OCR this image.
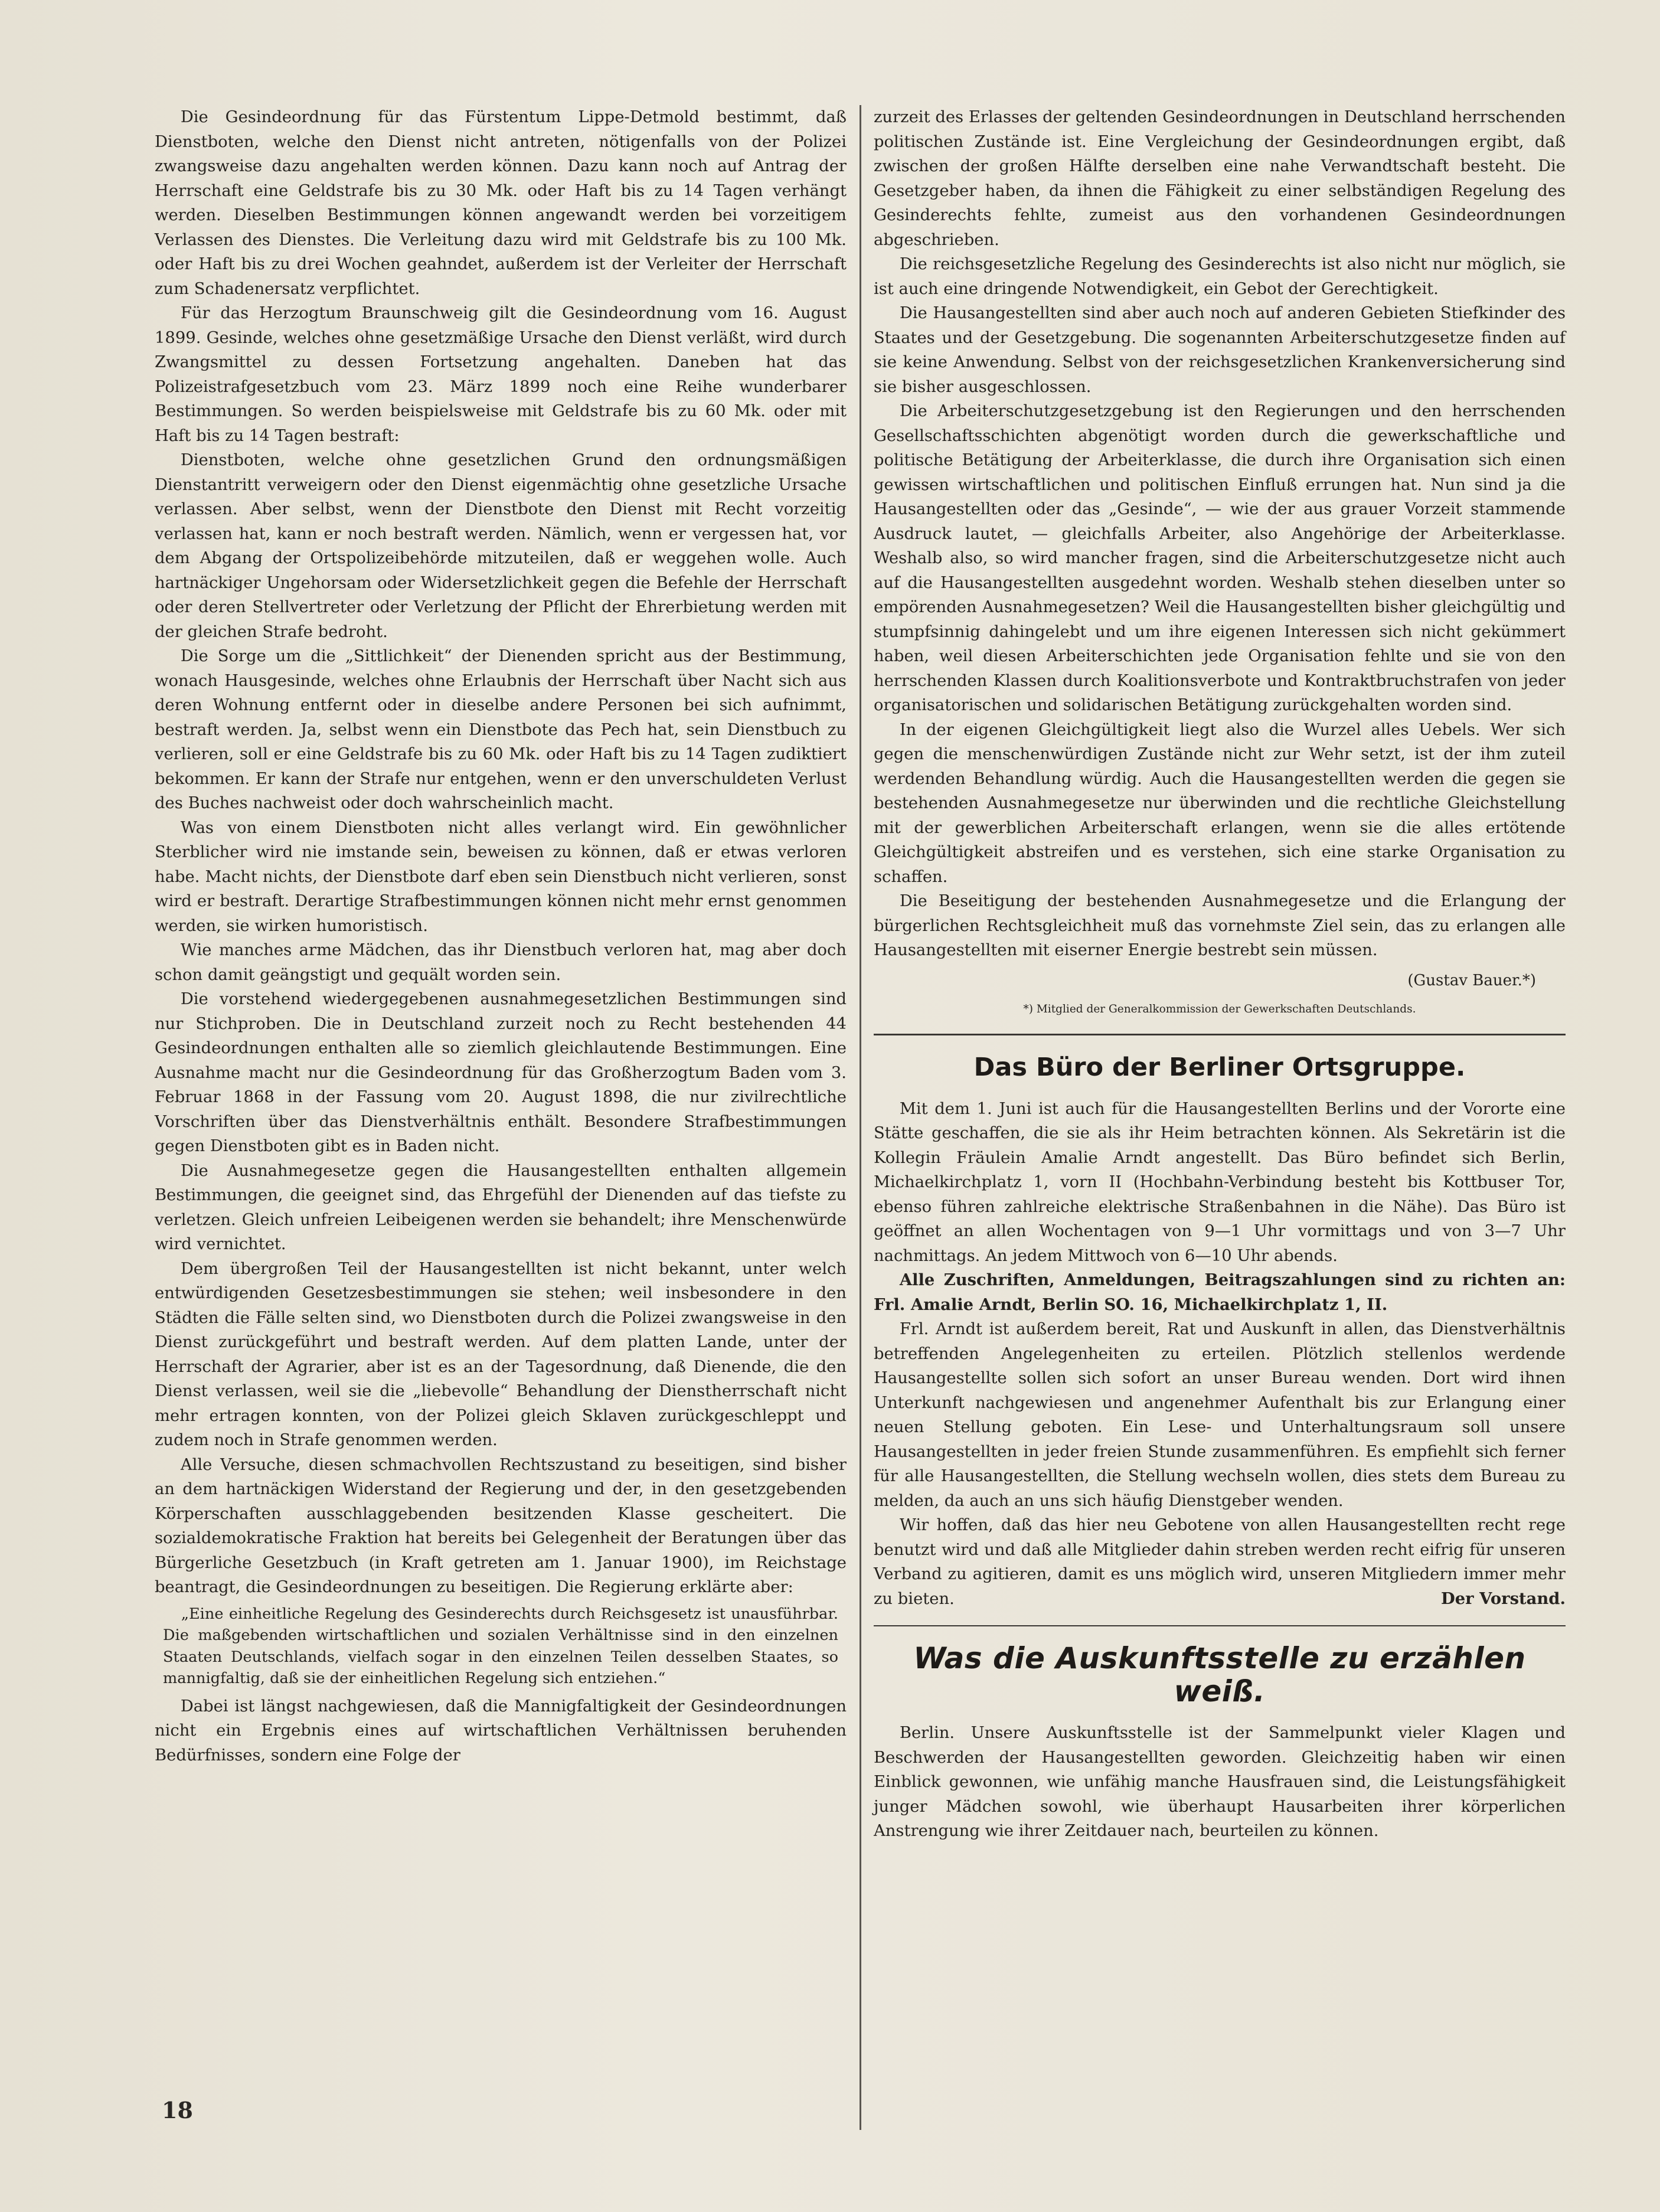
Die Gesindeordnung für das Fürstentum Lippe-Detmold bestimmt, daß Dienstboten, welche den Dienst nicht antreten, nötigenfalls von der Polizei zwangsweise dazu angehalten werden können. Dazu kann noch auf Antrag der Herrschaft eine Geldstrafe bis zu 30 Mk. oder Haft bis zu 14 Tagen verhängt werden. Dieselben Bestimmungen können angewandt werden bei vorzeitigem Verlassen des Dienstes. Die Verleitung dazu wird mit Geldstrafe bis zu 100 Mk. oder Haft bis zu drei Wochen geahndet, außerdem ist der Verleiter der Herrschaft zum Schadenersatz verpflichtet.

Für das Herzogtum Braunschweig gilt die Gesindeordnung vom 16. August 1899. Gesinde, welches ohne gesetzmäßige Ursache den Dienst verläßt, wird durch Zwangsmittel zu dessen Fortsetzung angehalten. Daneben hat das Polizeistrafgesetzbuch vom 23. März 1899 noch eine Reihe wunderbarer Bestimmungen. So werden beispielsweise mit Geldstrafe bis zu 60 Mk. oder mit Haft bis zu 14 Tagen bestraft:

Dienstboten, welche ohne gesetzlichen Grund den ordnungsmäßigen Dienstantritt verweigern oder den Dienst eigenmächtig ohne gesetzliche Ursache verlassen. Aber selbst, wenn der Dienstbote den Dienst mit Recht vorzeitig verlassen hat, kann er noch bestraft werden. Nämlich, wenn er vergessen hat, vor dem Abgang der Ortspolizeibehörde mitzuteilen, daß er weggehen wolle. Auch hartnäckiger Ungehorsam oder Widersetzlichkeit gegen die Befehle der Herrschaft oder deren Stellvertreter oder Verletzung der Pflicht der Ehrerbietung werden mit der gleichen Strafe bedroht.

Die Sorge um die „Sittlichkeit“ der Dienenden spricht aus der Bestimmung, wonach Hausgesinde, welches ohne Erlaubnis der Herrschaft über Nacht sich aus deren Wohnung entfernt oder in dieselbe andere Personen bei sich aufnimmt, bestraft werden. Ja, selbst wenn ein Dienstbote das Pech hat, sein Dienstbuch zu verlieren, soll er eine Geldstrafe bis zu 60 Mk. oder Haft bis zu 14 Tagen zudiktiert bekommen. Er kann der Strafe nur entgehen, wenn er den unverschuldeten Verlust des Buches nachweist oder doch wahrscheinlich macht.

Was von einem Dienstboten nicht alles verlangt wird. Ein gewöhnlicher Sterblicher wird nie imstande sein, beweisen zu können, daß er etwas verloren habe. Macht nichts, der Dienstbote darf eben sein Dienstbuch nicht verlieren, sonst wird er bestraft. Derartige Strafbestimmungen können nicht mehr ernst genommen werden, sie wirken humoristisch.

Wie manches arme Mädchen, das ihr Dienstbuch verloren hat, mag aber doch schon damit geängstigt und gequält worden sein.

Die vorstehend wiedergegebenen ausnahmegesetzlichen Bestimmungen sind nur Stichproben. Die in Deutschland zurzeit noch zu Recht bestehenden 44 Gesindeordnungen enthalten alle so ziemlich gleichlautende Bestimmungen. Eine Ausnahme macht nur die Gesindeordnung für das Großherzogtum Baden vom 3. Februar 1868 in der Fassung vom 20. August 1898, die nur zivilrechtliche Vorschriften über das Dienstverhältnis enthält. Besondere Strafbestimmungen gegen Dienstboten gibt es in Baden nicht.

Die Ausnahmegesetze gegen die Hausangestellten enthalten allgemein Bestimmungen, die geeignet sind, das Ehrgefühl der Dienenden auf das tiefste zu verletzen. Gleich unfreien Leibeigenen werden sie behandelt; ihre Menschenwürde wird vernichtet.

Dem übergroßen Teil der Hausangestellten ist nicht bekannt, unter welch entwürdigenden Gesetzesbestimmungen sie stehen; weil insbesondere in den Städten die Fälle selten sind, wo Dienstboten durch die Polizei zwangsweise in den Dienst zurückgeführt und bestraft werden. Auf dem platten Lande, unter der Herrschaft der Agrarier, aber ist es an der Tagesordnung, daß Dienende, die den Dienst verlassen, weil sie die „liebevolle“ Behandlung der Dienstherrschaft nicht mehr ertragen konnten, von der Polizei gleich Sklaven zurückgeschleppt und zudem noch in Strafe genommen werden.

Alle Versuche, diesen schmachvollen Rechtszustand zu beseitigen, sind bisher an dem hartnäckigen Widerstand der Regierung und der, in den gesetzgebenden Körperschaften ausschlaggebenden besitzenden Klasse gescheitert. Die sozialdemokratische Fraktion hat bereits bei Gelegenheit der Beratungen über das Bürgerliche Gesetzbuch (in Kraft getreten am 1. Januar 1900), im Reichstage beantragt, die Gesindeordnungen zu beseitigen. Die Regierung erklärte aber:

„Eine einheitliche Regelung des Gesinderechts durch Reichsgesetz ist unausführbar. Die maßgebenden wirtschaftlichen und sozialen Verhältnisse sind in den einzelnen Staaten Deutschlands, vielfach sogar in den einzelnen Teilen desselben Staates, so mannigfaltig, daß sie der einheitlichen Regelung sich entziehen.“

Dabei ist längst nachgewiesen, daß die Mannigfaltigkeit der Gesindeordnungen nicht ein Ergebnis eines auf wirtschaftlichen Verhältnissen beruhenden Bedürfnisses, sondern eine Folge der

zurzeit des Erlasses der geltenden Gesindeordnungen in Deutschland herrschenden politischen Zustände ist. Eine Vergleichung der Gesindeordnungen ergibt, daß zwischen der großen Hälfte derselben eine nahe Verwandtschaft besteht. Die Gesetzgeber haben, da ihnen die Fähigkeit zu einer selbständigen Regelung des Gesinderechts fehlte, zumeist aus den vorhandenen Gesindeordnungen abgeschrieben.

Die reichsgesetzliche Regelung des Gesinderechts ist also nicht nur möglich, sie ist auch eine dringende Notwendigkeit, ein Gebot der Gerechtigkeit.

Die Hausangestellten sind aber auch noch auf anderen Gebieten Stiefkinder des Staates und der Gesetzgebung. Die sogenannten Arbeiterschutzgesetze finden auf sie keine Anwendung. Selbst von der reichsgesetzlichen Krankenversicherung sind sie bisher ausgeschlossen.

Die Arbeiterschutzgesetzgebung ist den Regierungen und den herrschenden Gesellschaftsschichten abgenötigt worden durch die gewerkschaftliche und politische Betätigung der Arbeiterklasse, die durch ihre Organisation sich einen gewissen wirtschaftlichen und politischen Einfluß errungen hat. Nun sind ja die Hausangestellten oder das „Gesinde“, — wie der aus grauer Vorzeit stammende Ausdruck lautet, — gleichfalls Arbeiter, also Angehörige der Arbeiterklasse. Weshalb also, so wird mancher fragen, sind die Arbeiterschutzgesetze nicht auch auf die Hausangestellten ausgedehnt worden. Weshalb stehen dieselben unter so empörenden Ausnahmegesetzen? Weil die Hausangestellten bisher gleichgültig und stumpfsinnig dahingelebt und um ihre eigenen Interessen sich nicht gekümmert haben, weil diesen Arbeiterschichten jede Organisation fehlte und sie von den herrschenden Klassen durch Koalitionsverbote und Kontraktbruchstrafen von jeder organisatorischen und solidarischen Betätigung zurückgehalten worden sind.

In der eigenen Gleichgültigkeit liegt also die Wurzel alles Uebels. Wer sich gegen die menschenwürdigen Zustände nicht zur Wehr setzt, ist der ihm zuteil werdenden Behandlung würdig. Auch die Hausangestellten werden die gegen sie bestehenden Ausnahmegesetze nur überwinden und die rechtliche Gleichstellung mit der gewerblichen Arbeiterschaft erlangen, wenn sie die alles ertötende Gleichgültigkeit abstreifen und es verstehen, sich eine starke Organisation zu schaffen.

Die Beseitigung der bestehenden Ausnahmegesetze und die Erlangung der bürgerlichen Rechtsgleichheit muß das vornehmste Ziel sein, das zu erlangen alle Hausangestellten mit eiserner Energie bestrebt sein müssen.

(Gustav Bauer.*)

*) Mitglied der Generalkommission der Gewerkschaften Deutschlands.

Das Büro der Berliner Ortsgruppe.

Mit dem 1. Juni ist auch für die Hausangestellten Berlins und der Vororte eine Stätte geschaffen, die sie als ihr Heim betrachten können. Als Sekretärin ist die Kollegin Fräulein Amalie Arndt angestellt. Das Büro befindet sich Berlin, Michaelkirchplatz 1, vorn II (Hochbahn-Verbindung besteht bis Kottbuser Tor, ebenso führen zahlreiche elektrische Straßenbahnen in die Nähe). Das Büro ist geöffnet an allen Wochentagen von 9—1 Uhr vormittags und von 3—7 Uhr nachmittags. An jedem Mittwoch von 6—10 Uhr abends.

Alle Zuschriften, Anmeldungen, Beitragszahlungen sind zu richten an: Frl. Amalie Arndt, Berlin SO. 16, Michaelkirchplatz 1, II.

Frl. Arndt ist außerdem bereit, Rat und Auskunft in allen, das Dienstverhältnis betreffenden Angelegenheiten zu erteilen. Plötzlich stellenlos werdende Hausangestellte sollen sich sofort an unser Bureau wenden. Dort wird ihnen Unterkunft nachgewiesen und angenehmer Aufenthalt bis zur Erlangung einer neuen Stellung geboten. Ein Lese- und Unterhaltungsraum soll unsere Hausangestellten in jeder freien Stunde zusammenführen. Es empfiehlt sich ferner für alle Hausangestellten, die Stellung wechseln wollen, dies stets dem Bureau zu melden, da auch an uns sich häufig Dienstgeber wenden.

Wir hoffen, daß das hier neu Gebotene von allen Hausangestellten recht rege benutzt wird und daß alle Mitglieder dahin streben werden recht eifrig für unseren Verband zu agitieren, damit es uns möglich wird, unseren Mitgliedern immer mehr zu bieten.	Der Vorstand.

Was die Auskunftsstelle zu erzählen weiß.

Berlin. Unsere Auskunftsstelle ist der Sammelpunkt vieler Klagen und Beschwerden der Hausangestellten geworden. Gleichzeitig haben wir einen Einblick gewonnen, wie unfähig manche Hausfrauen sind, die Leistungsfähigkeit junger Mädchen sowohl, wie überhaupt Hausarbeiten ihrer körperlichen Anstrengung wie ihrer Zeitdauer nach, beurteilen zu können.

18
